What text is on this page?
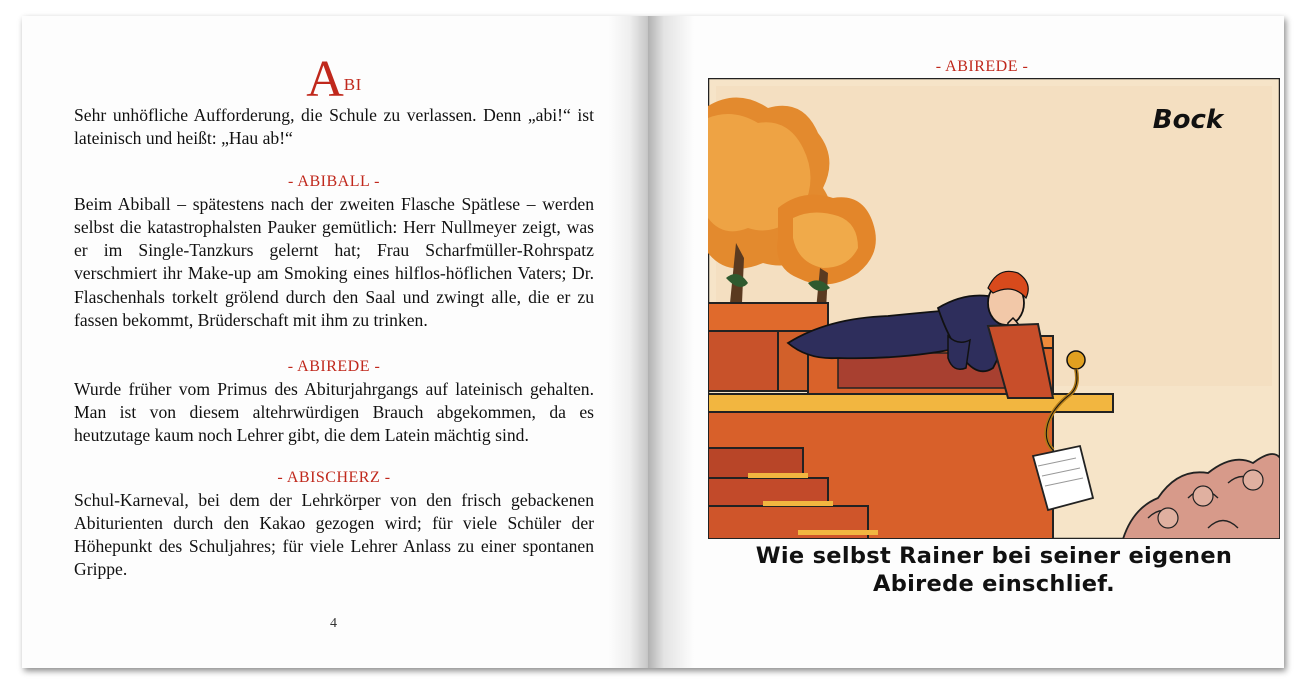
ABI

Sehr unhöfliche Aufforderung, die Schule zu verlassen. Denn „abi!“ ist lateinisch und heißt: „Hau ab!“

- ABIBALL -

Beim Abiball – spätestens nach der zweiten Flasche Spätlese – werden selbst die katastrophalsten Pauker gemütlich: Herr Nullmeyer zeigt, was er im Single-Tanzkurs gelernt hat; Frau Scharfmüller-Rohrspatz verschmiert ihr Make-up am Smoking eines hilflos-höflichen Vaters; Dr. Flaschenhals torkelt grölend durch den Saal und zwingt alle, die er zu fassen bekommt, Brüderschaft mit ihm zu trinken.

- ABIREDE -

Wurde früher vom Primus des Abiturjahrgangs auf lateinisch gehalten. Man ist von diesem altehrwürdigen Brauch abgekommen, da es heutzutage kaum noch Lehrer gibt, die dem Latein mächtig sind.

- ABISCHERZ -

Schul-Karneval, bei dem der Lehrkörper von den frisch gebackenen Abiturienten durch den Kakao gezogen wird; für viele Schüler der Höhepunkt des Schuljahres; für viele Lehrer Anlass zu einer spontanen Grippe.

4
- ABIREDE -
Bock
Wie selbst Rainer bei seiner eigenen
Abirede einschlief.
